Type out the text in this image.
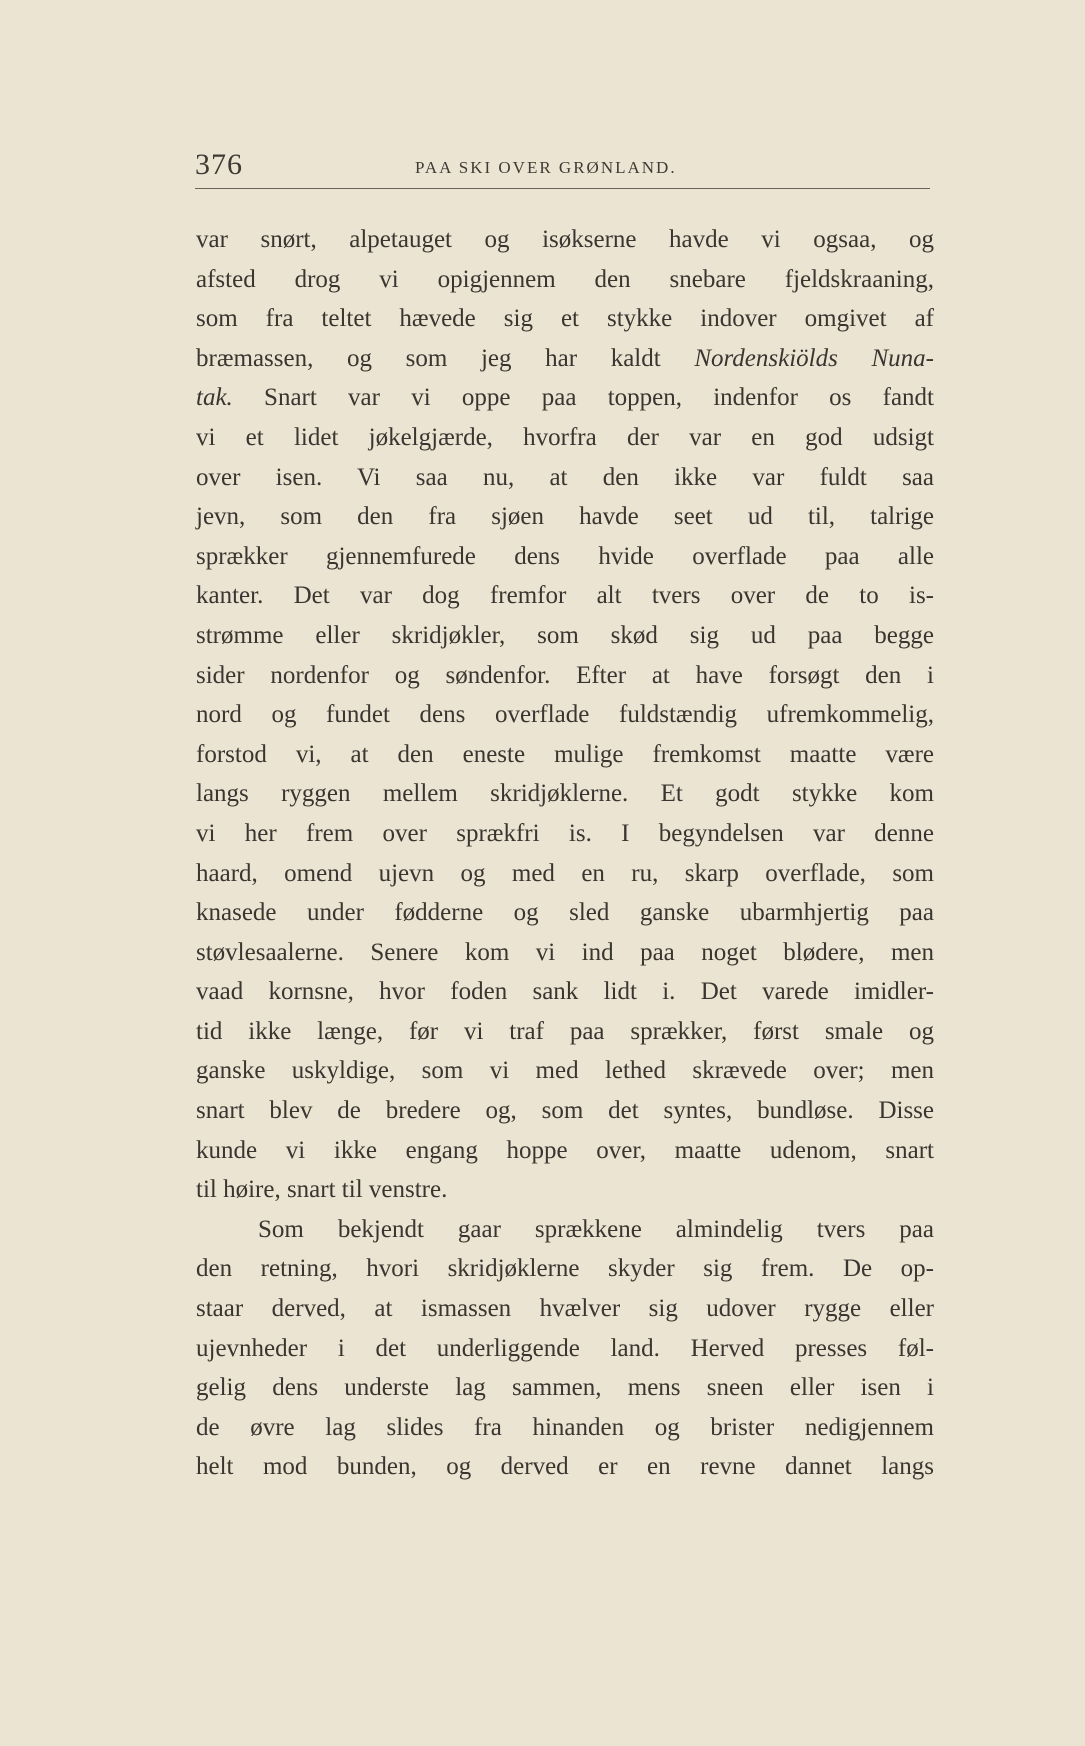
376	PAA SKI OVER GRØNLAND.
var snørt, alpetauget og isøkserne havde vi ogsaa, og
afsted drog vi opigjennem den snebare fjeldskraaning,
som fra teltet hævede sig et stykke indover omgivet af
bræmassen, og som jeg har kaldt Nordenskiölds Nuna-
tak. Snart var vi oppe paa toppen, indenfor os fandt
vi et lidet jøkelgjærde, hvorfra der var en god udsigt
over isen. Vi saa nu, at den ikke var fuldt saa
jevn, som den fra sjøen havde seet ud til, talrige
sprækker gjennemfurede dens hvide overflade paa alle
kanter. Det var dog fremfor alt tvers over de to is-
strømme eller skridjøkler, som skød sig ud paa begge
sider nordenfor og søndenfor. Efter at have forsøgt den i
nord og fundet dens overflade fuldstændig ufremkommelig,
forstod vi, at den eneste mulige fremkomst maatte være
langs ryggen mellem skridjøklerne. Et godt stykke kom
vi her frem over sprækfri is. I begyndelsen var denne
haard, omend ujevn og med en ru, skarp overflade, som
knasede under fødderne og sled ganske ubarmhjertig paa
støvlesaalerne. Senere kom vi ind paa noget blødere, men
vaad kornsne, hvor foden sank lidt i. Det varede imidler-
tid ikke længe, før vi traf paa sprækker, først smale og
ganske uskyldige, som vi med lethed skrævede over; men
snart blev de bredere og, som det syntes, bundløse. Disse
kunde vi ikke engang hoppe over, maatte udenom, snart
til høire, snart til venstre.
Som bekjendt gaar sprækkene almindelig tvers paa
den retning, hvori skridjøklerne skyder sig frem. De op-
staar derved, at ismassen hvælver sig udover rygge eller
ujevnheder i det underliggende land. Herved presses føl-
gelig dens underste lag sammen, mens sneen eller isen i
de øvre lag slides fra hinanden og brister nedigjennem
helt mod bunden, og derved er en revne dannet langs
